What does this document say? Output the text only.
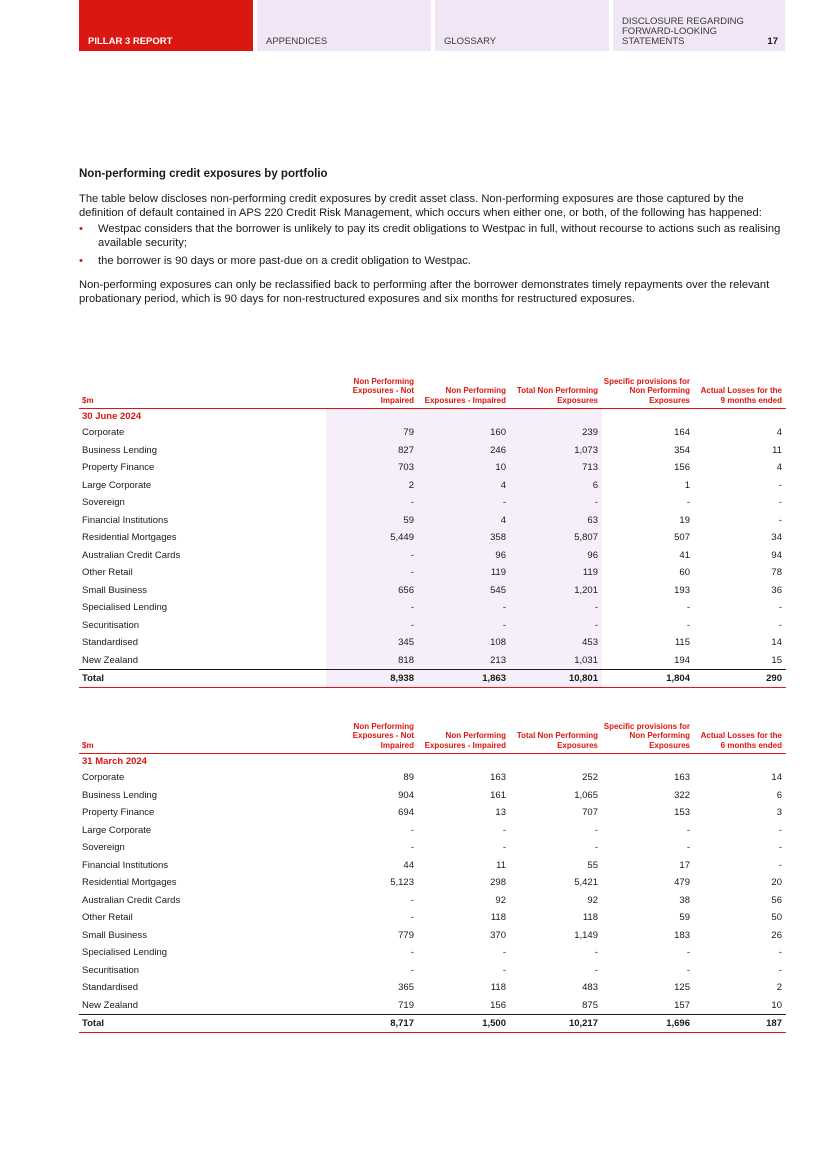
PILLAR 3 REPORT	APPENDICES	GLOSSARY
DISCLOSURE REGARDING FORWARD-LOOKING STATEMENTS	17
Non-performing credit exposures by portfolio

The table below discloses non-performing credit exposures by credit asset class. Non-performing exposures are those captured by the definition of default contained in APS 220 Credit Risk Management, which occurs when either one, or both, of the following has happened:

• Westpac considers that the borrower is unlikely to pay its credit obligations to Westpac in full, without recourse to actions such as realising available security;
• the borrower is 90 days or more past-due on a credit obligation to Westpac.

Non-performing exposures can only be reclassified back to performing after the borrower demonstrates timely repayments over the relevant probationary period, which is 90 days for non-restructured exposures and six months for restructured exposures.

$m	Non Performing Exposures - Not Impaired	Non Performing Exposures - Impaired	Total Non Performing Exposures	Specific provisions for Non Performing Exposures	Actual Losses for the 9 months ended
30 June 2024					
Corporate	79	160	239	164	4
Business Lending	827	246	1,073	354	11
Property Finance	703	10	713	156	4
Large Corporate	2	4	6	1	-
Sovereign	-	-	-	-	-
Financial Institutions	59	4	63	19	-
Residential Mortgages	5,449	358	5,807	507	34
Australian Credit Cards	-	96	96	41	94
Other Retail	-	119	119	60	78
Small Business	656	545	1,201	193	36
Specialised Lending	-	-	-	-	-
Securitisation	-	-	-	-	-
Standardised	345	108	453	115	14
New Zealand	818	213	1,031	194	15
Total	8,938	1,863	10,801	1,804	290
$m	Non Performing Exposures - Not Impaired	Non Performing Exposures - Impaired	Total Non Performing Exposures	Specific provisions for Non Performing Exposures	Actual Losses for the 6 months ended
31 March 2024					
Corporate	89	163	252	163	14
Business Lending	904	161	1,065	322	6
Property Finance	694	13	707	153	3
Large Corporate	-	-	-	-	-
Sovereign	-	-	-	-	-
Financial Institutions	44	11	55	17	-
Residential Mortgages	5,123	298	5,421	479	20
Australian Credit Cards	-	92	92	38	56
Other Retail	-	118	118	59	50
Small Business	779	370	1,149	183	26
Specialised Lending	-	-	-	-	-
Securitisation	-	-	-	-	-
Standardised	365	118	483	125	2
New Zealand	719	156	875	157	10
Total	8,717	1,500	10,217	1,696	187
